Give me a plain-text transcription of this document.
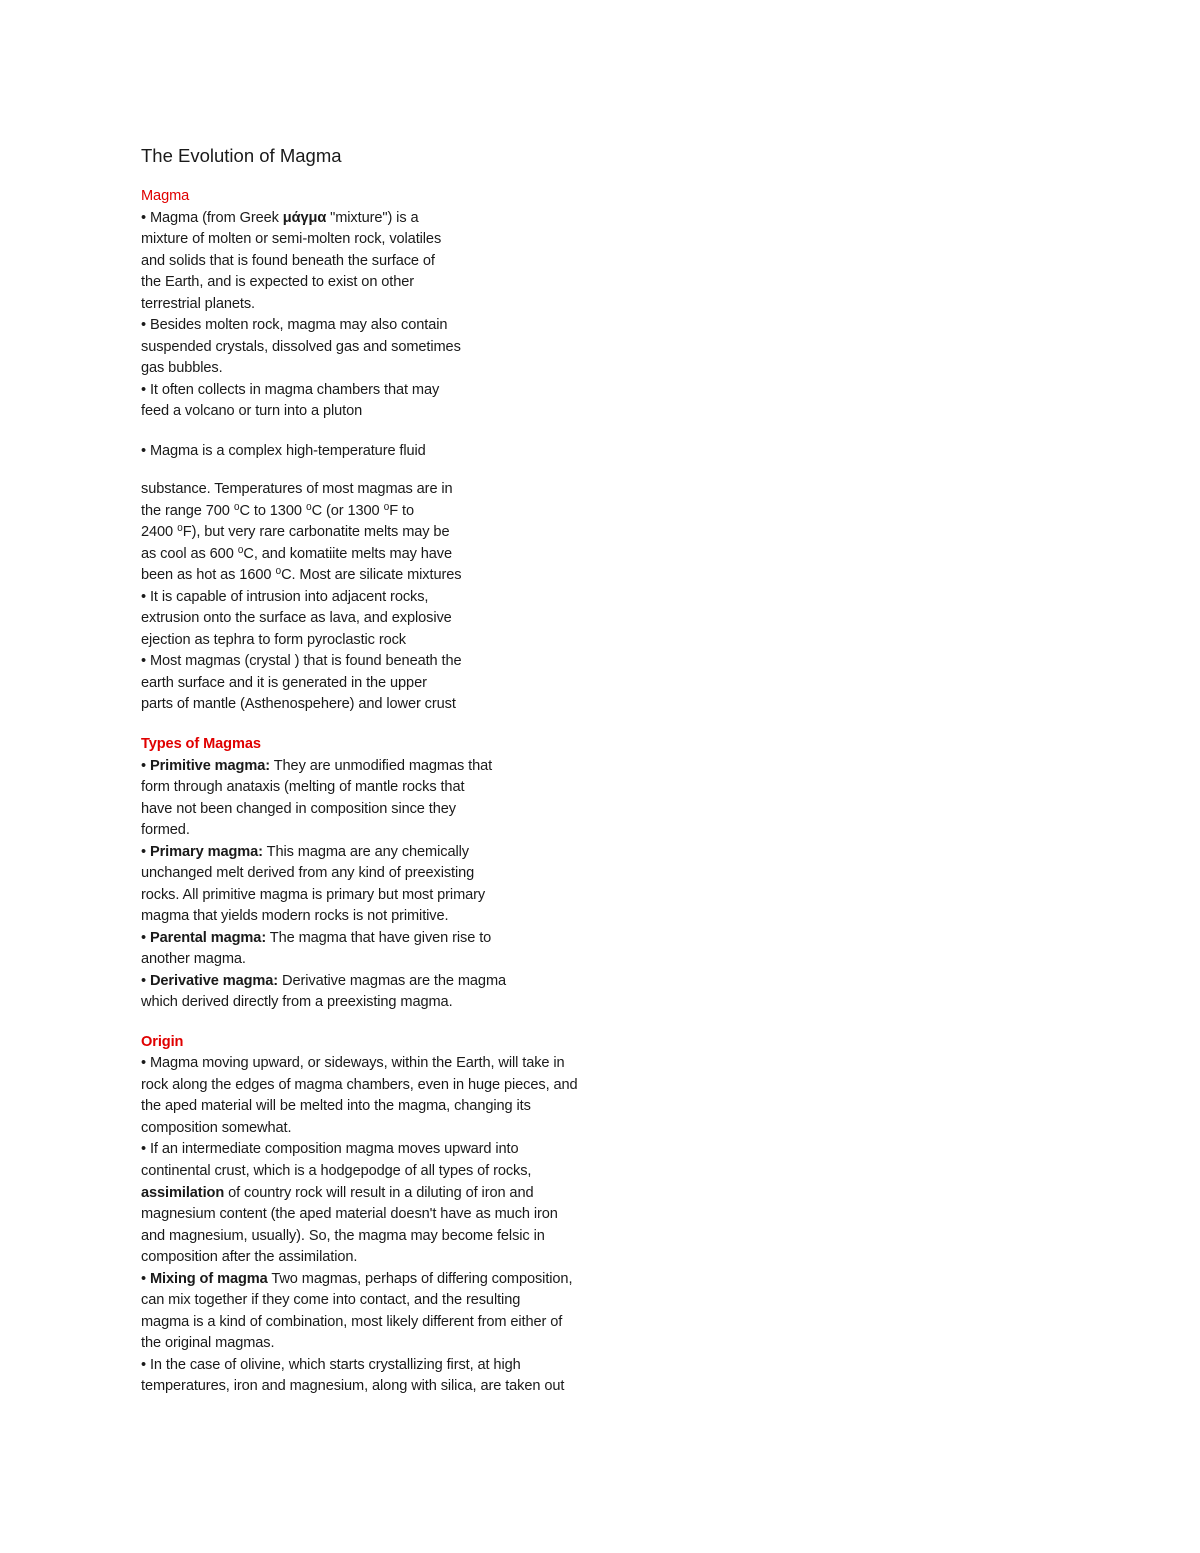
The Evolution of Magma
Magma
• Magma (from Greek μάγμα "mixture") is a
mixture of molten or semi-molten rock, volatiles
and solids that is found beneath the surface of
the Earth, and is expected to exist on other
terrestrial planets.
• Besides molten rock, magma may also contain
suspended crystals, dissolved gas and sometimes
gas bubbles.
• It often collects in magma chambers that may
feed a volcano or turn into a pluton
• Magma is a complex high-temperature fluid
substance. Temperatures of most magmas are in
the range 700 ⁰C to 1300 ⁰C (or 1300 ⁰F to
2400 ⁰F), but very rare carbonatite melts may be
as cool as 600 ⁰C, and komatiite melts may have
been as hot as 1600 ⁰C. Most are silicate mixtures
• It is capable of intrusion into adjacent rocks,
extrusion onto the surface as lava, and explosive
ejection as tephra to form pyroclastic rock
• Most magmas (crystal ) that is found beneath the
earth surface and it is generated in the upper
parts of mantle (Asthenospehere) and lower crust
Types of Magmas
• Primitive magma: They are unmodified magmas that
form through anataxis (melting of mantle rocks that
have not been changed in composition since they
formed.
• Primary magma: This magma are any chemically
unchanged melt derived from any kind of preexisting
rocks. All primitive magma is primary but most primary
magma that yields modern rocks is not primitive.
• Parental magma: The magma that have given rise to
another magma.
• Derivative magma: Derivative magmas are the magma
which derived directly from a preexisting magma.
Origin
• Magma moving upward, or sideways, within the Earth, will take in
rock along the edges of magma chambers, even in huge pieces, and
the aped material will be melted into the magma, changing its
composition somewhat.
• If an intermediate composition magma moves upward into
continental crust, which is a hodgepodge of all types of rocks,
assimilation of country rock will result in a diluting of iron and
magnesium content (the aped material doesn't have as much iron
and magnesium, usually). So, the magma may become felsic in
composition after the assimilation.
• Mixing of magma Two magmas, perhaps of differing composition,
can mix together if they come into contact, and the resulting
magma is a kind of combination, most likely different from either of
the original magmas.
• In the case of olivine, which starts crystallizing first, at high
temperatures, iron and magnesium, along with silica, are taken out
